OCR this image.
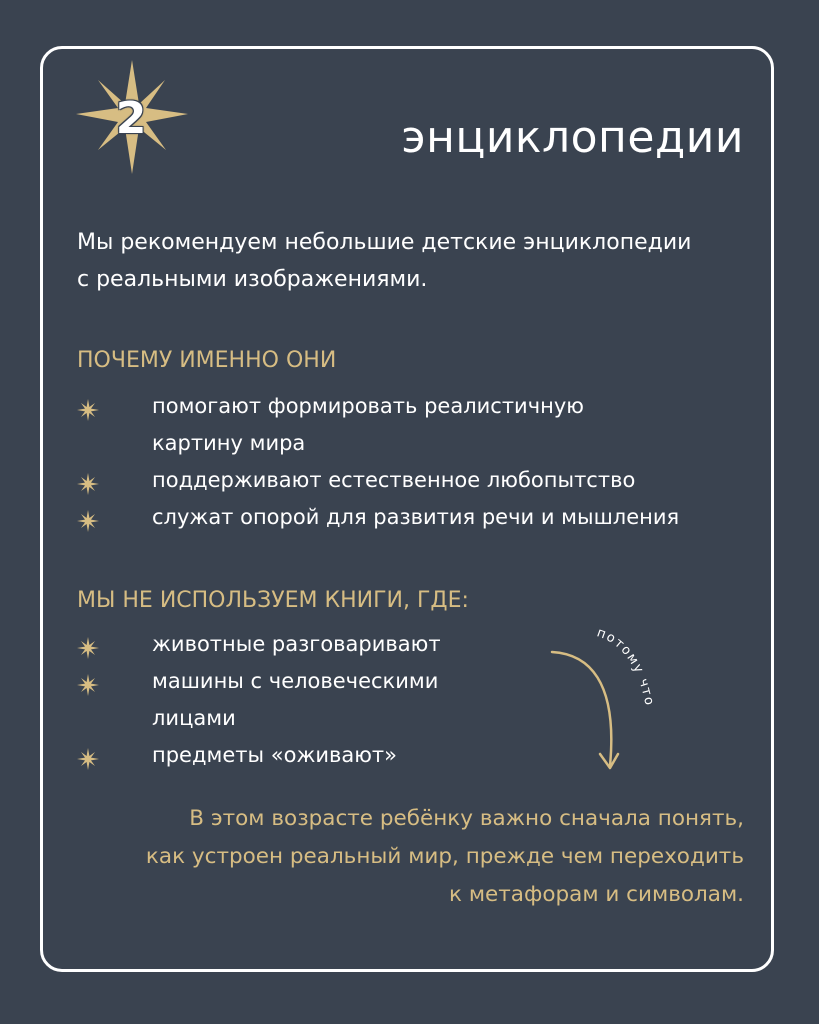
2	энциклопедии
Мы рекомендуем небольшие детские энциклопедии
с реальными изображениями.
ПОЧЕМУ ИМЕННО ОНИ
помогают формировать реалистичную
картину мира
поддерживают естественное любопытство
служат опорой для развития речи и мышления
МЫ НЕ ИСПОЛЬЗУЕМ КНИГИ, ГДЕ:
животные разговаривают
машины с человеческими
лицами
предметы «оживают»
потому что
В этом возрасте ребёнку важно сначала понять,
как устроен реальный мир, прежде чем переходить
к метафорам и символам.
